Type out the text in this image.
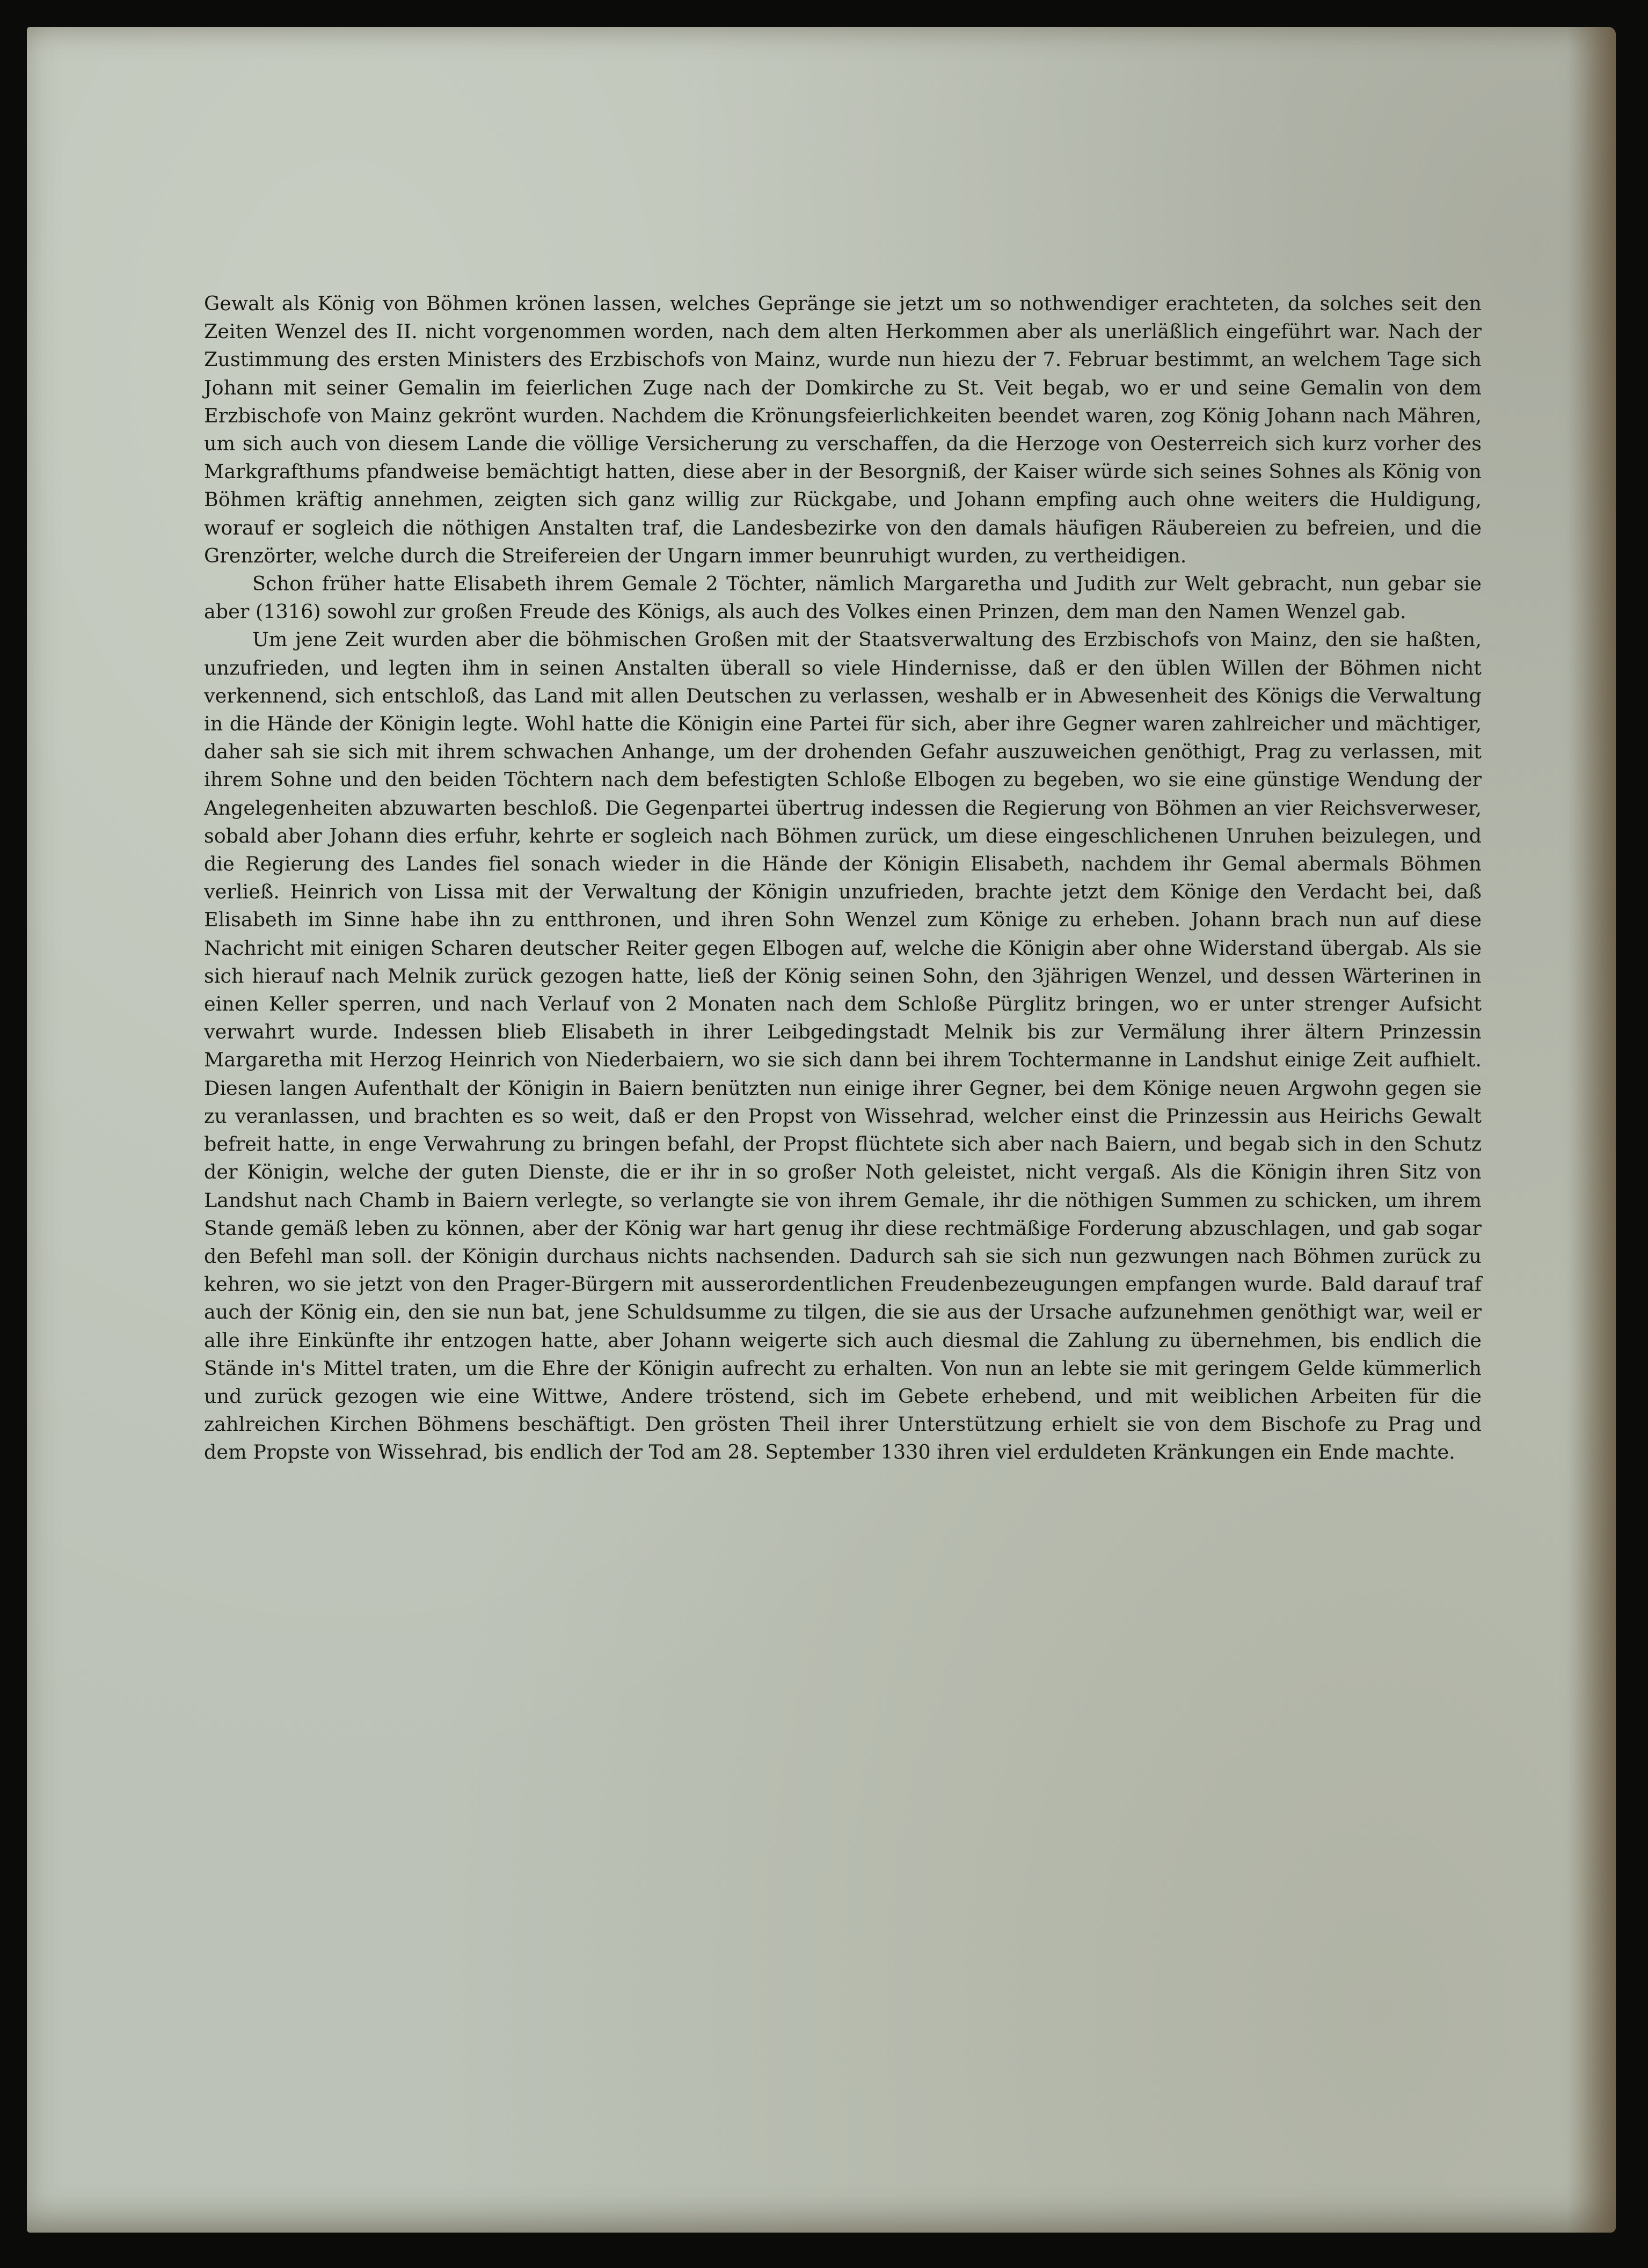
Gewalt als König von Böhmen krönen lassen, welches Gepränge sie jetzt um so nothwendiger erachteten, da solches seit den Zeiten Wenzel des II. nicht vorgenommen worden, nach dem alten Herkommen aber als unerläßlich eingeführt war. Nach der Zustimmung des ersten Ministers des Erzbischofs von Mainz, wurde nun hiezu der 7. Februar bestimmt, an welchem Tage sich Johann mit seiner Gemalin im feierlichen Zuge nach der Domkirche zu St. Veit begab, wo er und seine Gemalin von dem Erzbischofe von Mainz gekrönt wurden. Nachdem die Krönungsfeierlichkeiten beendet waren, zog König Johann nach Mähren, um sich auch von diesem Lande die völlige Versicherung zu verschaffen, da die Herzoge von Oesterreich sich kurz vorher des Markgrafthums pfandweise bemächtigt hatten, diese aber in der Besorgniß, der Kaiser würde sich seines Sohnes als König von Böhmen kräftig annehmen, zeigten sich ganz willig zur Rückgabe, und Johann empfing auch ohne weiters die Huldigung, worauf er sogleich die nöthigen Anstalten traf, die Landesbezirke von den damals häufigen Räubereien zu befreien, und die Grenzörter, welche durch die Streifereien der Ungarn immer beunruhigt wurden, zu vertheidigen.

Schon früher hatte Elisabeth ihrem Gemale 2 Töchter, nämlich Margaretha und Judith zur Welt gebracht, nun gebar sie aber (1316) sowohl zur großen Freude des Königs, als auch des Volkes einen Prinzen, dem man den Namen Wenzel gab.

Um jene Zeit wurden aber die böhmischen Großen mit der Staatsverwaltung des Erzbischofs von Mainz, den sie haßten, unzufrieden, und legten ihm in seinen Anstalten überall so viele Hindernisse, daß er den üblen Willen der Böhmen nicht verkennend, sich entschloß, das Land mit allen Deutschen zu verlassen, weshalb er in Abwesenheit des Königs die Verwaltung in die Hände der Königin legte. Wohl hatte die Königin eine Partei für sich, aber ihre Gegner waren zahlreicher und mächtiger, daher sah sie sich mit ihrem schwachen Anhange, um der drohenden Gefahr auszuweichen genöthigt, Prag zu verlassen, mit ihrem Sohne und den beiden Töchtern nach dem befestigten Schloße Elbogen zu begeben, wo sie eine günstige Wendung der Angelegenheiten abzuwarten beschloß. Die Gegenpartei übertrug indessen die Regierung von Böhmen an vier Reichsverweser, sobald aber Johann dies erfuhr, kehrte er sogleich nach Böhmen zurück, um diese eingeschlichenen Unruhen beizulegen, und die Regierung des Landes fiel sonach wieder in die Hände der Königin Elisabeth, nachdem ihr Gemal abermals Böhmen verließ. Heinrich von Lissa mit der Verwaltung der Königin unzufrieden, brachte jetzt dem Könige den Verdacht bei, daß Elisabeth im Sinne habe ihn zu entthronen, und ihren Sohn Wenzel zum Könige zu erheben. Johann brach nun auf diese Nachricht mit einigen Scharen deutscher Reiter gegen Elbogen auf, welche die Königin aber ohne Widerstand übergab. Als sie sich hierauf nach Melnik zurück gezogen hatte, ließ der König seinen Sohn, den 3jährigen Wenzel, und dessen Wärterinen in einen Keller sperren, und nach Verlauf von 2 Monaten nach dem Schloße Pürglitz bringen, wo er unter strenger Aufsicht verwahrt wurde. Indessen blieb Elisabeth in ihrer Leibgedingstadt Melnik bis zur Vermälung ihrer ältern Prinzessin Margaretha mit Herzog Heinrich von Niederbaiern, wo sie sich dann bei ihrem Tochtermanne in Landshut einige Zeit aufhielt. Diesen langen Aufenthalt der Königin in Baiern benützten nun einige ihrer Gegner, bei dem Könige neuen Argwohn gegen sie zu veranlassen, und brachten es so weit, daß er den Propst von Wissehrad, welcher einst die Prinzessin aus Heirichs Gewalt befreit hatte, in enge Verwahrung zu bringen befahl, der Propst flüchtete sich aber nach Baiern, und begab sich in den Schutz der Königin, welche der guten Dienste, die er ihr in so großer Noth geleistet, nicht vergaß. Als die Königin ihren Sitz von Landshut nach Chamb in Baiern verlegte, so verlangte sie von ihrem Gemale, ihr die nöthigen Summen zu schicken, um ihrem Stande gemäß leben zu können, aber der König war hart genug ihr diese rechtmäßige Forderung abzuschlagen, und gab sogar den Befehl man soll. der Königin durchaus nichts nachsenden. Dadurch sah sie sich nun gezwungen nach Böhmen zurück zu kehren, wo sie jetzt von den Prager-Bürgern mit ausserordentlichen Freudenbezeugungen empfangen wurde. Bald darauf traf auch der König ein, den sie nun bat, jene Schuldsumme zu tilgen, die sie aus der Ursache aufzunehmen genöthigt war, weil er alle ihre Einkünfte ihr entzogen hatte, aber Johann weigerte sich auch diesmal die Zahlung zu übernehmen, bis endlich die Stände in's Mittel traten, um die Ehre der Königin aufrecht zu erhalten. Von nun an lebte sie mit geringem Gelde kümmerlich und zurück gezogen wie eine Wittwe, Andere tröstend, sich im Gebete erhebend, und mit weiblichen Arbeiten für die zahlreichen Kirchen Böhmens beschäftigt. Den grösten Theil ihrer Unterstützung erhielt sie von dem Bischofe zu Prag und dem Propste von Wissehrad, bis endlich der Tod am 28. September 1330 ihren viel erduldeten Kränkungen ein Ende machte.
